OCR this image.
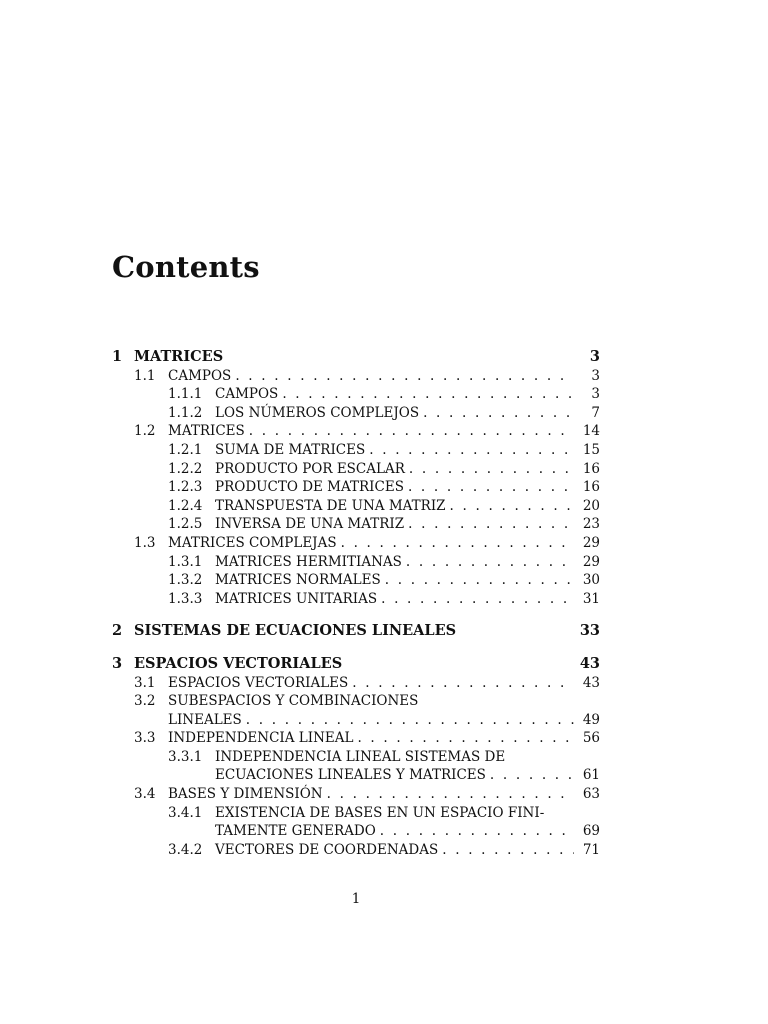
Contents
1 MATRICES	3
1.1 CAMPOS . . .	3
1.1.1 CAMPOS . . .	3
1.1.2 LOS NÚMEROS COMPLEJOS . . .	7
1.2 MATRICES . . .	14
1.2.1 SUMA DE MATRICES . . .	15
1.2.2 PRODUCTO POR ESCALAR . . .	16
1.2.3 PRODUCTO DE MATRICES . . .	16
1.2.4 TRANSPUESTA DE UNA MATRIZ . . .	20
1.2.5 INVERSA DE UNA MATRIZ . . .	23
1.3 MATRICES COMPLEJAS . . .	29
1.3.1 MATRICES HERMITIANAS . . .	29
1.3.2 MATRICES NORMALES . . .	30
1.3.3 MATRICES UNITARIAS . . .	31
2 SISTEMAS DE ECUACIONES LINEALES	33
3 ESPACIOS VECTORIALES	43
3.1 ESPACIOS VECTORIALES . . .	43
3.2 SUBESPACIOS Y COMBINACIONES
LINEALES . . .	49
3.3 INDEPENDENCIA LINEAL . . .	56
3.3.1 INDEPENDENCIA LINEAL SISTEMAS DE
ECUACIONES LINEALES Y MATRICES . . .	61
3.4 BASES Y DIMENSIÓN . . .	63
3.4.1 EXISTENCIA DE BASES EN UN ESPACIO FINI-
TAMENTE GENERADO . . .	69
3.4.2 VECTORES DE COORDENADAS . . .	71
1
